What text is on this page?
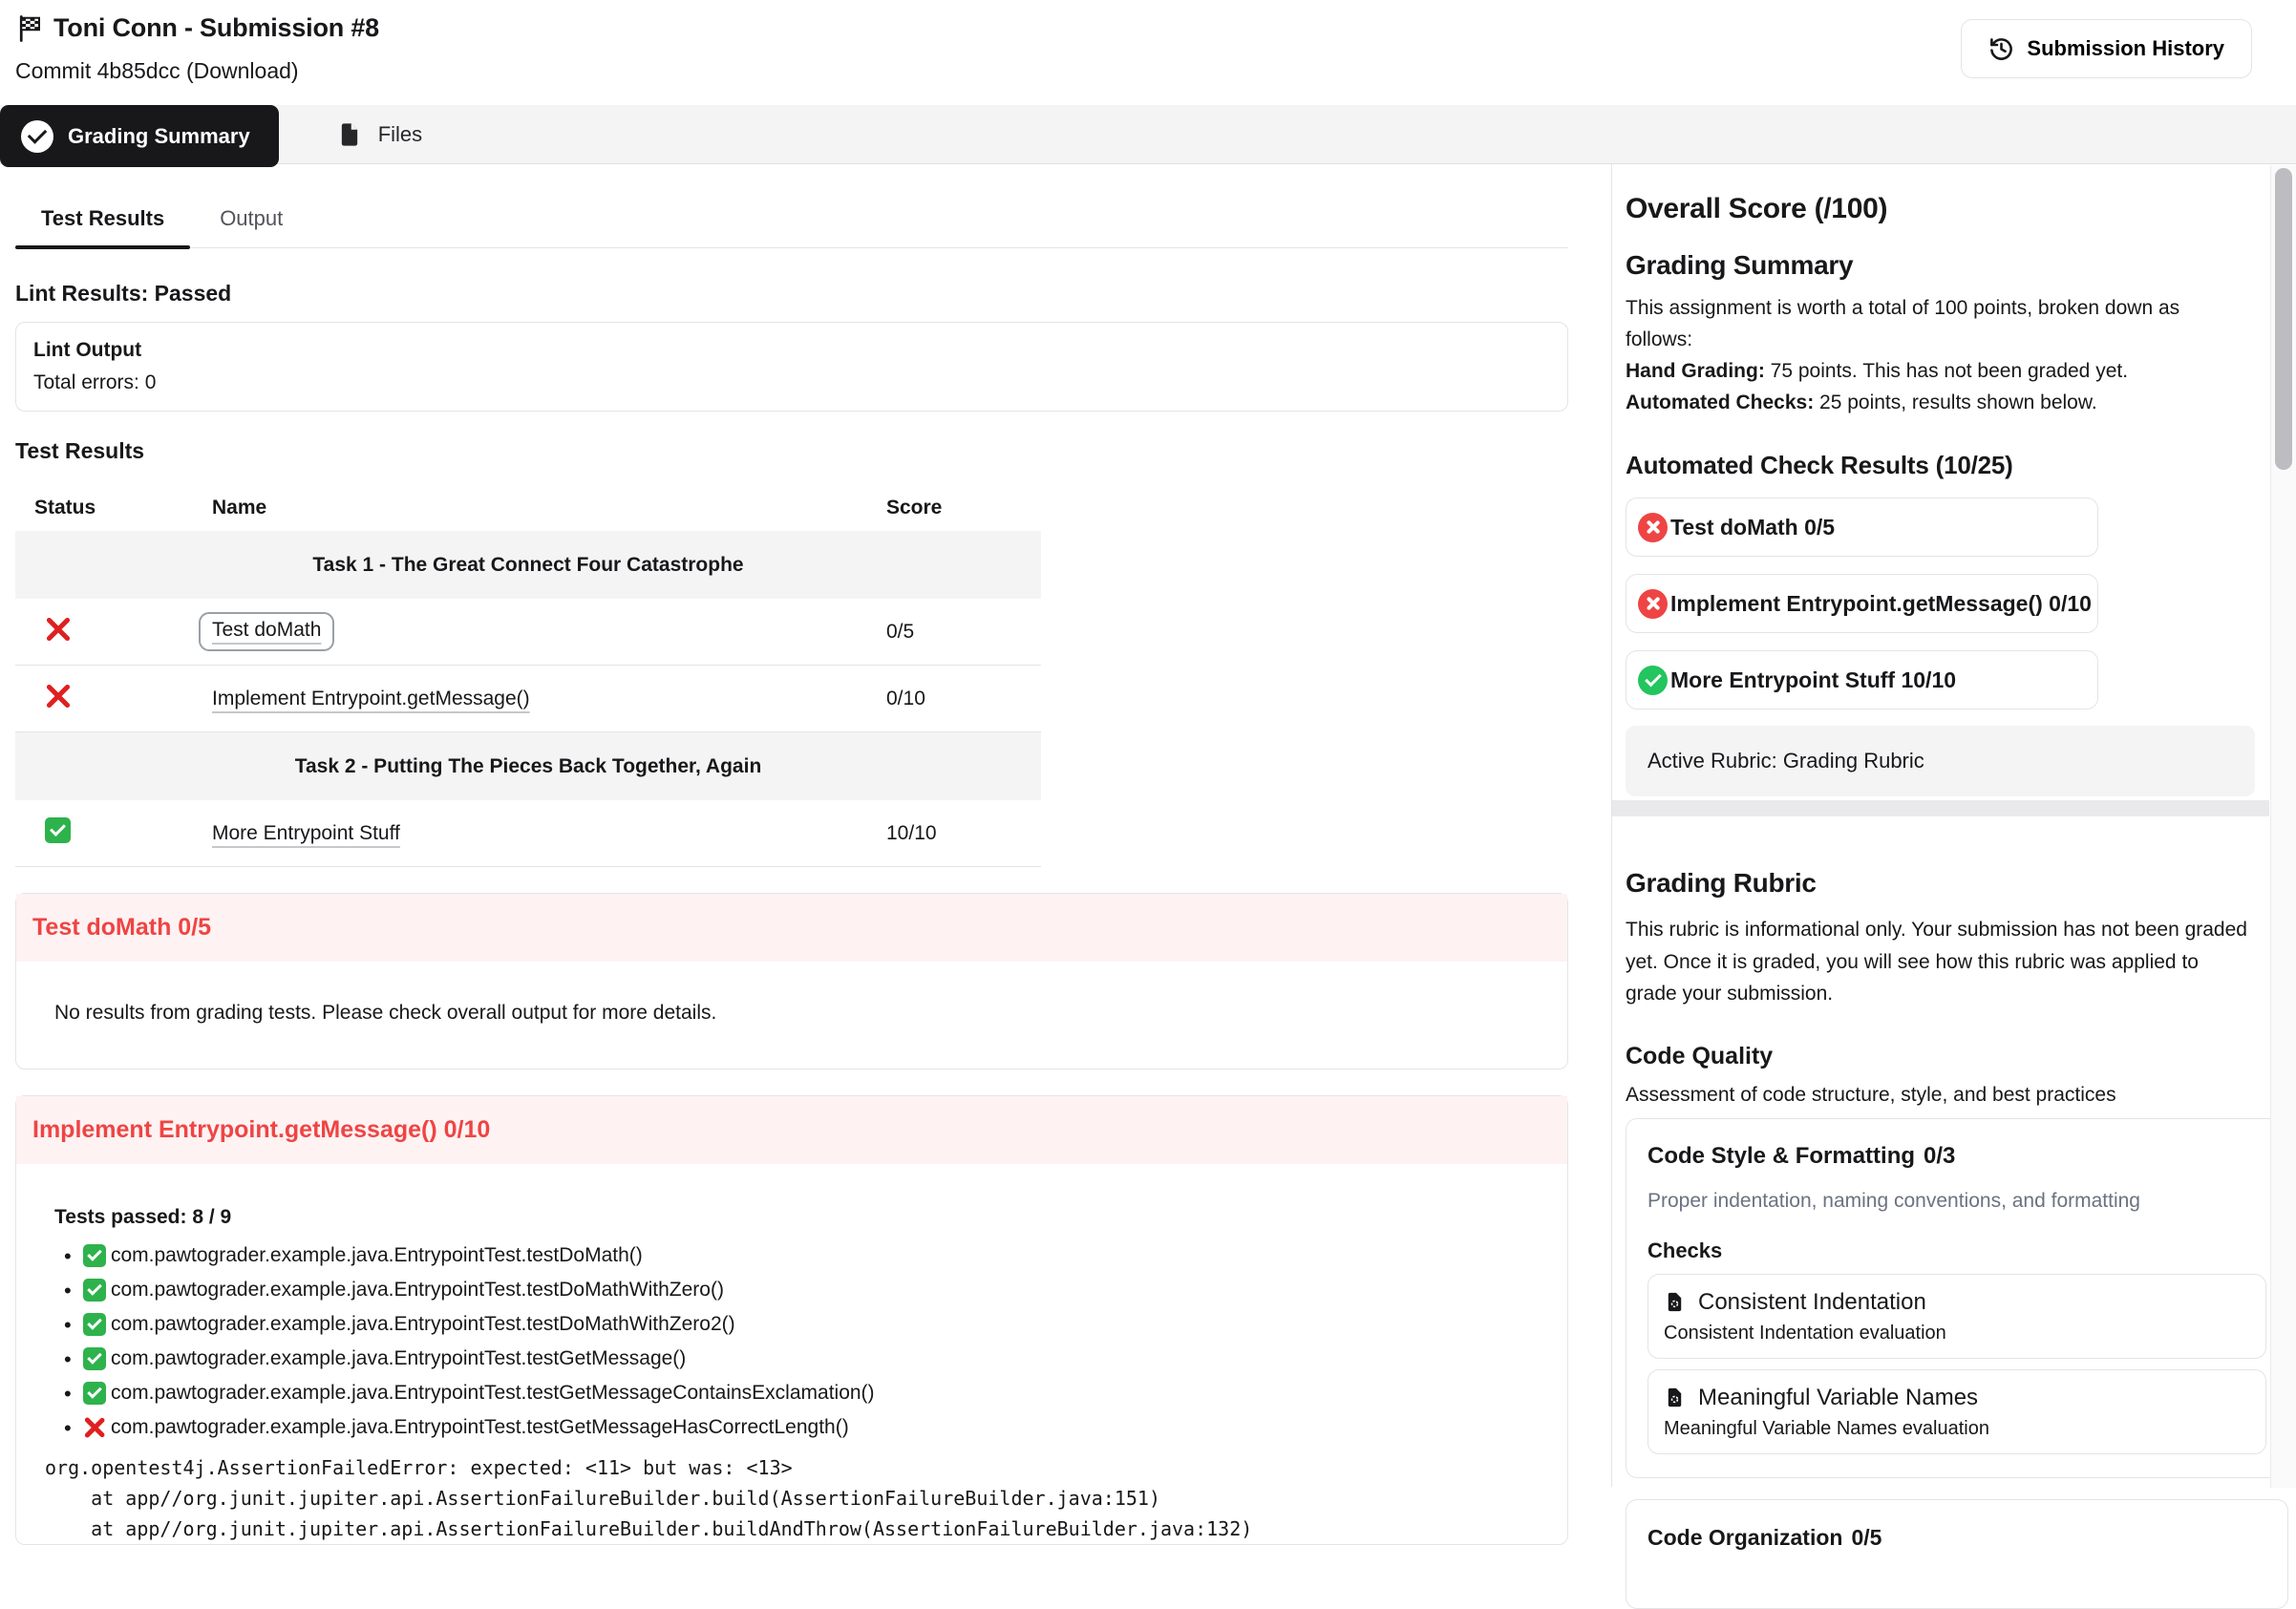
Toni Conn - Submission #8
Commit 4b85dcc (Download)
Submission History
Grading Summary	Files
Test Results	Output
Lint Results: Passed
Lint Output
Total errors: 0
Test Results
Status	Name	Score
Task 1 - The Great Connect Four Catastrophe
Test doMath	0/5
Implement Entrypoint.getMessage()	0/10
Task 2 - Putting The Pieces Back Together, Again
More Entrypoint Stuff	10/10
Test doMath 0/5
No results from grading tests. Please check overall output for more details.
Implement Entrypoint.getMessage() 0/10
Tests passed: 8 / 9
• com.pawtograder.example.java.EntrypointTest.testDoMath()
• com.pawtograder.example.java.EntrypointTest.testDoMathWithZero()
• com.pawtograder.example.java.EntrypointTest.testDoMathWithZero2()
• com.pawtograder.example.java.EntrypointTest.testGetMessage()
• com.pawtograder.example.java.EntrypointTest.testGetMessageContainsExclamation()
• com.pawtograder.example.java.EntrypointTest.testGetMessageHasCorrectLength()
org.opentest4j.AssertionFailedError: expected: <11> but was: <13>
at app//org.junit.jupiter.api.AssertionFailureBuilder.build(AssertionFailureBuilder.java:151)
at app//org.junit.jupiter.api.AssertionFailureBuilder.buildAndThrow(AssertionFailureBuilder.java:132)
Overall Score (/100)
Grading Summary
This assignment is worth a total of 100 points, broken down as follows:
Hand Grading: 75 points. This has not been graded yet.
Automated Checks: 25 points, results shown below.
Automated Check Results (10/25)
Test doMath 0/5
Implement Entrypoint.getMessage() 0/10
More Entrypoint Stuff 10/10
Active Rubric: Grading Rubric
Grading Rubric
This rubric is informational only. Your submission has not been graded yet. Once it is graded, you will see how this rubric was applied to grade your submission.
Code Quality
Assessment of code structure, style, and best practices
Code Style & Formatting 0/3
Proper indentation, naming conventions, and formatting
Checks
Consistent Indentation
Consistent Indentation evaluation
Meaningful Variable Names
Meaningful Variable Names evaluation
Code Organization 0/5
